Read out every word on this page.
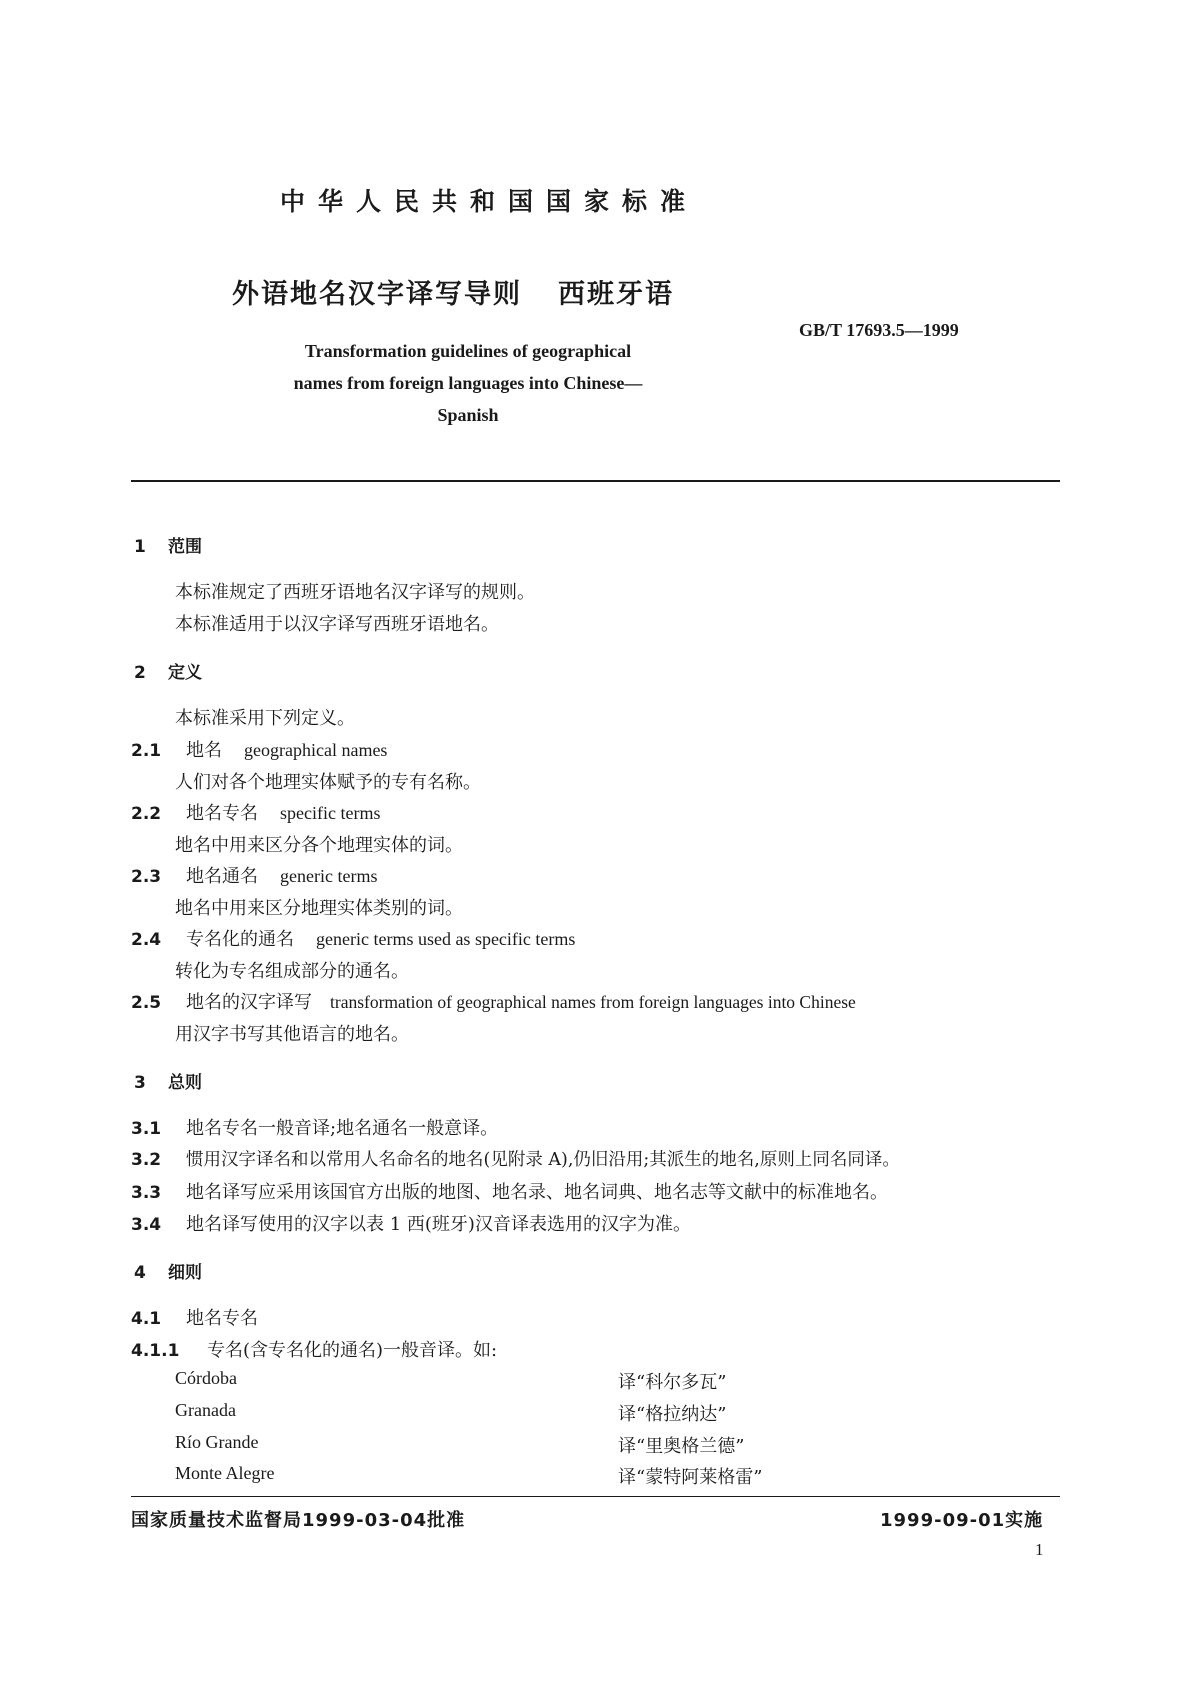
中华人民共和国国家标准
外语地名汉字译写导则 西班牙语
GB/T 17693.5—1999
Transformation guidelines of geographical
names from foreign languages into Chinese—
Spanish
1 范围
本标准规定了西班牙语地名汉字译写的规则。
本标准适用于以汉字译写西班牙语地名。
2 定义
本标准采用下列定义。
2.1 地名 geographical names
人们对各个地理实体赋予的专有名称。
2.2 地名专名 specific terms
地名中用来区分各个地理实体的词。
2.3 地名通名 generic terms
地名中用来区分地理实体类别的词。
2.4 专名化的通名 generic terms used as specific terms
转化为专名组成部分的通名。
2.5 地名的汉字译写 transformation of geographical names from foreign languages into Chinese
用汉字书写其他语言的地名。
3 总则
3.1 地名专名一般音译;地名通名一般意译。
3.2 惯用汉字译名和以常用人名命名的地名(见附录 A),仍旧沿用;其派生的地名,原则上同名同译。
3.3 地名译写应采用该国官方出版的地图、地名录、地名词典、地名志等文献中的标准地名。
3.4 地名译写使用的汉字以表 1 西(班牙)汉音译表选用的汉字为准。
4 细则
4.1 地名专名
4.1.1 专名(含专名化的通名)一般音译。如:
Córdoba	译“科尔多瓦”
Granada	译“格拉纳达”
Río Grande	译“里奥格兰德”
Monte Alegre	译“蒙特阿莱格雷”
国家质量技术监督局1999-03-04批准	1999-09-01实施
1
